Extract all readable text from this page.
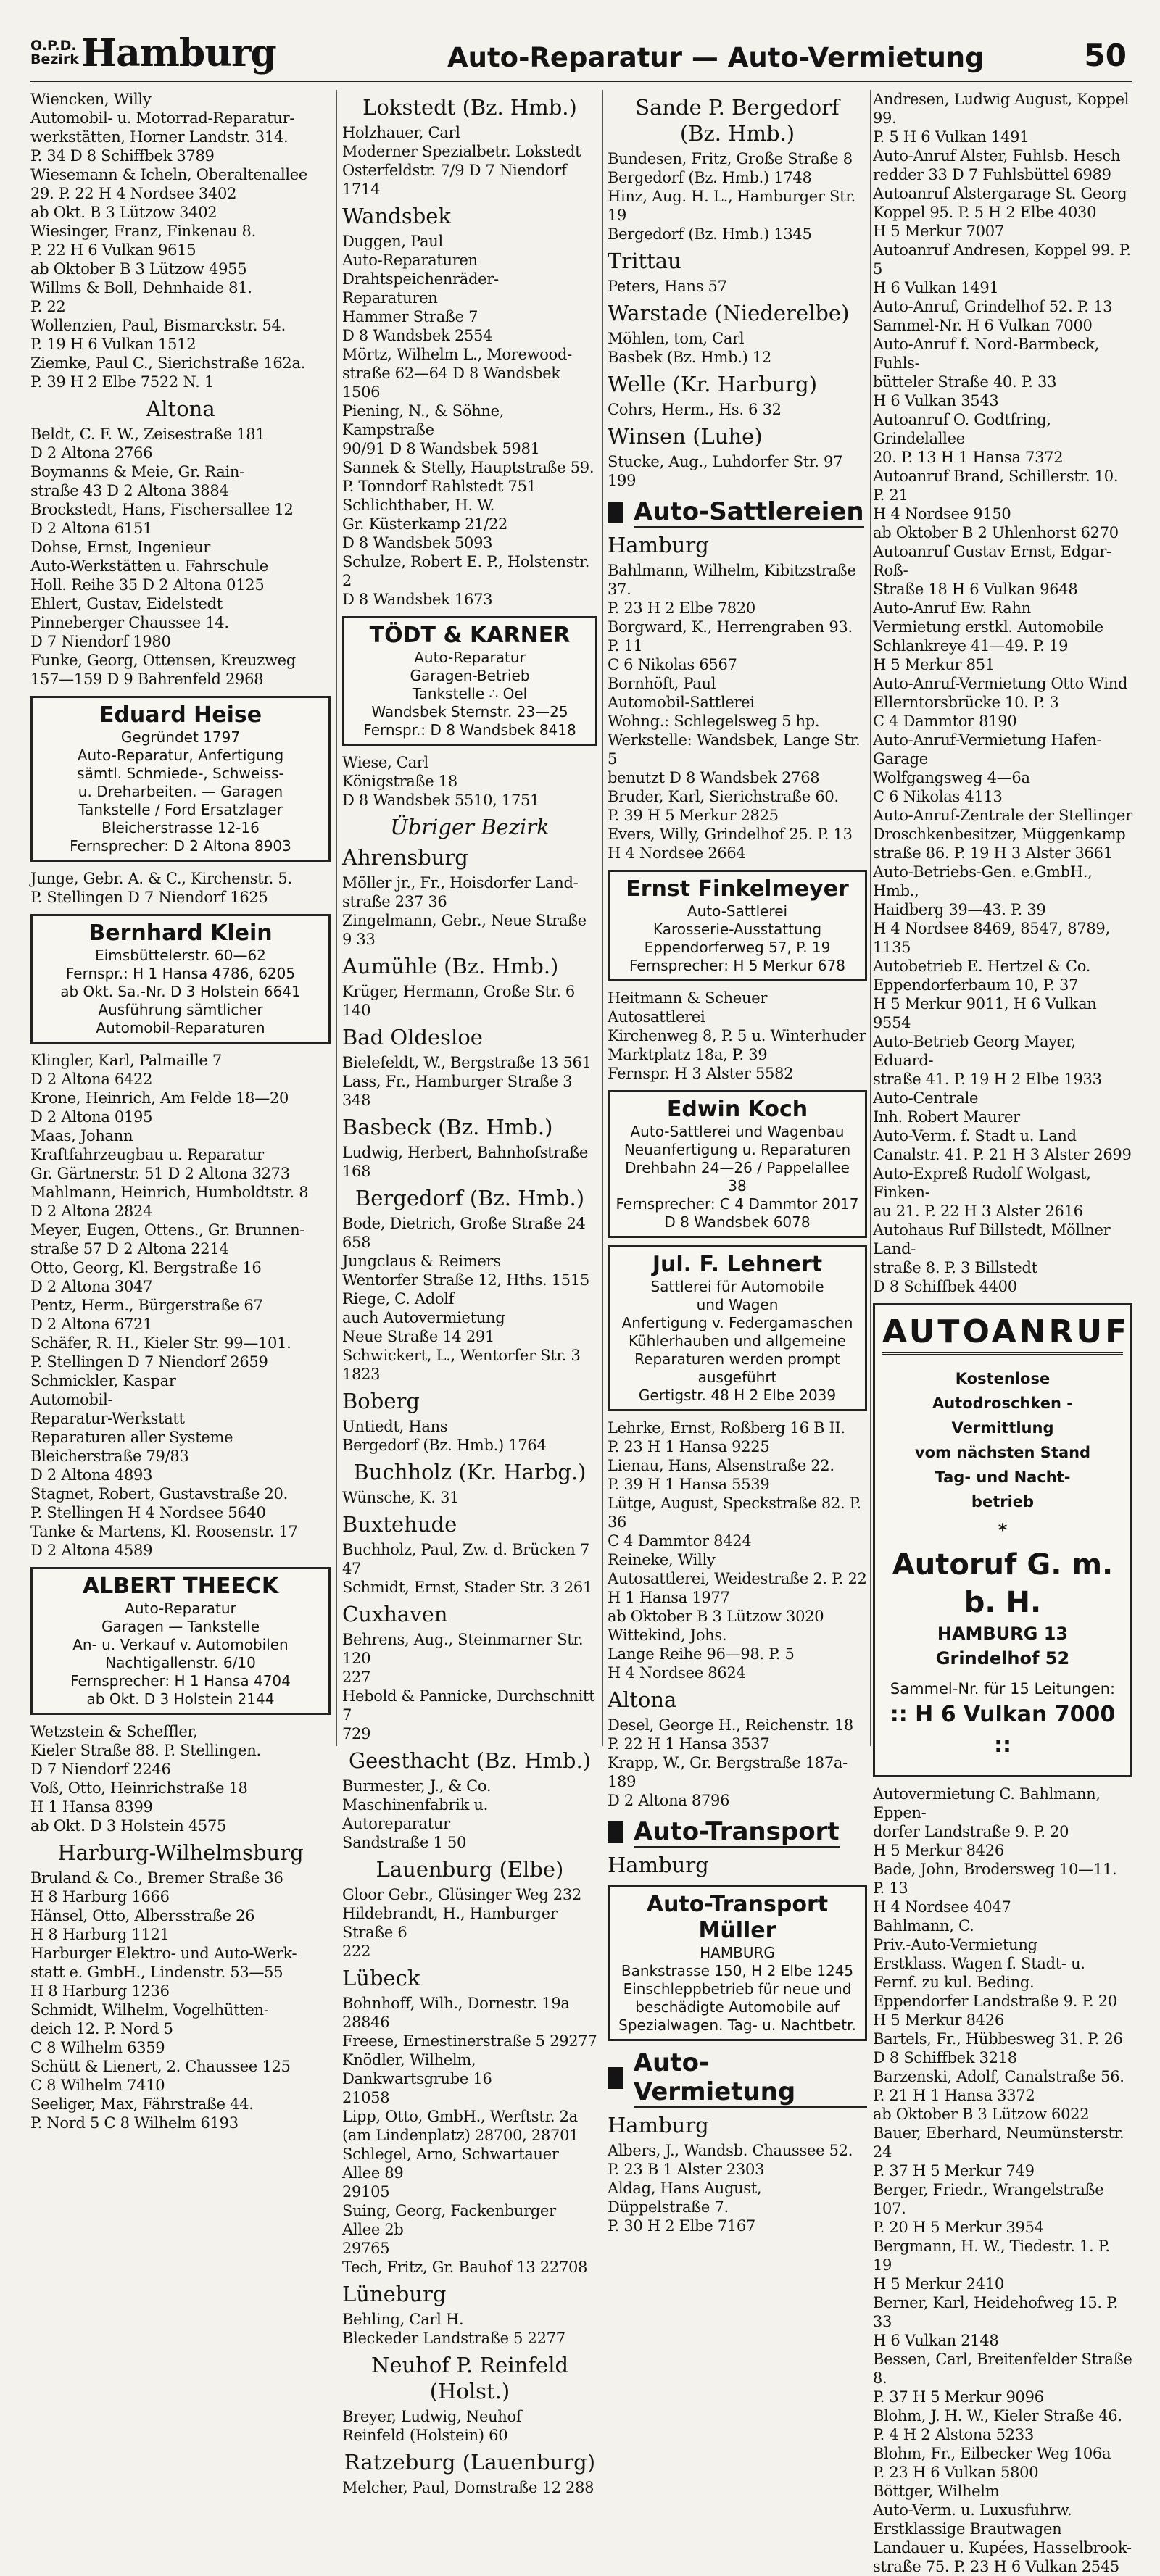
O.P.D. Bezirk Hamburg	Auto-Reparatur — Auto-Vermietung	50

Wiencken, Willy
Automobil- u. Motorrad-Reparatur-
werkstätten, Horner Landstr. 314.
P. 34 D 8 Schiffbek 3789
Wiesemann & Icheln, Oberaltenallee
29. P. 22 H 4 Nordsee 3402
ab Okt. B 3 Lützow 3402
Wiesinger, Franz, Finkenau 8.
P. 22 H 6 Vulkan 9615
ab Oktober B 3 Lützow 4955
Willms & Boll, Dehnhaide 81.
P. 22
Wollenzien, Paul, Bismarckstr. 54.
P. 19 H 6 Vulkan 1512
Ziemke, Paul C., Sierichstraße 162a.
P. 39 H 2 Elbe 7522 N. 1

Altona

Beldt, C. F. W., Zeisestraße 181
D 2 Altona 2766
Boymanns & Meie, Gr. Rain-
straße 43 D 2 Altona 3884
Brockstedt, Hans, Fischersallee 12
D 2 Altona 6151
Dohse, Ernst, Ingenieur
Auto-Werkstätten u. Fahrschule
Holl. Reihe 35 D 2 Altona 0125
Ehlert, Gustav, Eidelstedt
Pinneberger Chaussee 14.
D 7 Niendorf 1980
Funke, Georg, Ottensen, Kreuzweg
157—159 D 9 Bahrenfeld 2968

Eduard Heise

Gegründet 1797
Auto-Reparatur, Anfertigung
sämtl. Schmiede-, Schweiss-
u. Dreharbeiten. — Garagen
Tankstelle / Ford Ersatzlager
Bleicherstrasse 12-16
Fernsprecher: D 2 Altona 8903

Junge, Gebr. A. & C., Kirchenstr. 5.
P. Stellingen D 7 Niendorf 1625

Bernhard Klein

Eimsbüttelerstr. 60—62
Fernspr.: H 1 Hansa 4786, 6205
ab Okt. Sa.-Nr. D 3 Holstein 6641
Ausführung sämtlicher
Automobil-Reparaturen

Klingler, Karl, Palmaille 7
D 2 Altona 6422
Krone, Heinrich, Am Felde 18—20
D 2 Altona 0195
Maas, Johann
Kraftfahrzeugbau u. Reparatur
Gr. Gärtnerstr. 51 D 2 Altona 3273
Mahlmann, Heinrich, Humboldtstr. 8
D 2 Altona 2824
Meyer, Eugen, Ottens., Gr. Brunnen-
straße 57 D 2 Altona 2214
Otto, Georg, Kl. Bergstraße 16
D 2 Altona 3047
Pentz, Herm., Bürgerstraße 67
D 2 Altona 6721
Schäfer, R. H., Kieler Str. 99—101.
P. Stellingen D 7 Niendorf 2659
Schmickler, Kaspar
Automobil-
Reparatur-Werkstatt
Reparaturen aller Systeme
Bleicherstraße 79/83
D 2 Altona 4893
Stagnet, Robert, Gustavstraße 20.
P. Stellingen H 4 Nordsee 5640
Tanke & Martens, Kl. Roosenstr. 17
D 2 Altona 4589

ALBERT THEECK

Auto-Reparatur
Garagen — Tankstelle
An- u. Verkauf v. Automobilen
Nachtigallenstr. 6/10
Fernsprecher: H 1 Hansa 4704
ab Okt. D 3 Holstein 2144

Wetzstein & Scheffler,
Kieler Straße 88. P. Stellingen.
D 7 Niendorf 2246
Voß, Otto, Heinrichstraße 18
H 1 Hansa 8399
ab Okt. D 3 Holstein 4575

Harburg-Wilhelmsburg

Bruland & Co., Bremer Straße 36
H 8 Harburg 1666
Hänsel, Otto, Albersstraße 26
H 8 Harburg 1121
Harburger Elektro- und Auto-Werk-
statt e. GmbH., Lindenstr. 53—55
H 8 Harburg 1236
Schmidt, Wilhelm, Vogelhütten-
deich 12. P. Nord 5
C 8 Wilhelm 6359
Schütt & Lienert, 2. Chaussee 125
C 8 Wilhelm 7410
Seeliger, Max, Fährstraße 44.
P. Nord 5 C 8 Wilhelm 6193

Lokstedt (Bz. Hmb.)

Holzhauer, Carl
Moderner Spezialbetr. Lokstedt
Osterfeldstr. 7/9 D 7 Niendorf 1714

Wandsbek

Duggen, Paul
Auto-Reparaturen
Drahtspeichenräder-
Reparaturen
Hammer Straße 7
D 8 Wandsbek 2554
Mörtz, Wilhelm L., Morewood-
straße 62—64 D 8 Wandsbek 1506
Piening, N., & Söhne, Kampstraße
90/91 D 8 Wandsbek 5981
Sannek & Stelly, Hauptstraße 59.
P. Tonndorf Rahlstedt 751
Schlichthaber, H. W.
Gr. Küsterkamp 21/22
D 8 Wandsbek 5093
Schulze, Robert E. P., Holstenstr. 2
D 8 Wandsbek 1673

TÖDT & KARNER

Auto-Reparatur
Garagen-Betrieb
Tankstelle ∴ Oel
Wandsbek Sternstr. 23—25
Fernspr.: D 8 Wandsbek 8418

Wiese, Carl
Königstraße 18
D 8 Wandsbek 5510, 1751

Übriger Bezirk
Ahrensburg

Möller jr., Fr., Hoisdorfer Land-
straße 237 36
Zingelmann, Gebr., Neue Straße 9 33

Aumühle (Bz. Hmb.)

Krüger, Hermann, Große Str. 6 140

Bad Oldesloe

Bielefeldt, W., Bergstraße 13 561
Lass, Fr., Hamburger Straße 3 348

Basbeck (Bz. Hmb.)

Ludwig, Herbert, Bahnhofstraße 168

Bergedorf (Bz. Hmb.)

Bode, Dietrich, Große Straße 24
658
Jungclaus & Reimers
Wentorfer Straße 12, Hths. 1515
Riege, C. Adolf
auch Autovermietung
Neue Straße 14 291
Schwickert, L., Wentorfer Str. 3 1823

Boberg

Untiedt, Hans
Bergedorf (Bz. Hmb.) 1764

Buchholz (Kr. Harbg.)

Wünsche, K. 31

Buxtehude

Buchholz, Paul, Zw. d. Brücken 7 47
Schmidt, Ernst, Stader Str. 3 261

Cuxhaven

Behrens, Aug., Steinmarner Str. 120
227
Hebold & Pannicke, Durchschnitt 7
729

Geesthacht (Bz. Hmb.)

Burmester, J., & Co.
Maschinenfabrik u. Autoreparatur
Sandstraße 1 50

Lauenburg (Elbe)

Gloor Gebr., Glüsinger Weg 232
Hildebrandt, H., Hamburger Straße 6
222

Lübeck

Bohnhoff, Wilh., Dornestr. 19a 28846
Freese, Ernestinerstraße 5 29277
Knödler, Wilhelm, Dankwartsgrube 16
21058
Lipp, Otto, GmbH., Werftstr. 2a
(am Lindenplatz) 28700, 28701
Schlegel, Arno, Schwartauer Allee 89
29105
Suing, Georg, Fackenburger Allee 2b
29765
Tech, Fritz, Gr. Bauhof 13 22708

Lüneburg

Behling, Carl H.
Bleckeder Landstraße 5 2277

Neuhof P. Reinfeld (Holst.)

Breyer, Ludwig, Neuhof
Reinfeld (Holstein) 60

Ratzeburg (Lauenburg)

Melcher, Paul, Domstraße 12 288

Sande P. Bergedorf
(Bz. Hmb.)

Bundesen, Fritz, Große Straße 8
Bergedorf (Bz. Hmb.) 1748
Hinz, Aug. H. L., Hamburger Str. 19
Bergedorf (Bz. Hmb.) 1345

Trittau

Peters, Hans 57

Warstade (Niederelbe)

Möhlen, tom, Carl
Basbek (Bz. Hmb.) 12

Welle (Kr. Harburg)

Cohrs, Herm., Hs. 6 32

Winsen (Luhe)

Stucke, Aug., Luhdorfer Str. 97 199

Auto-Sattlereien
Hamburg

Bahlmann, Wilhelm, Kibitzstraße 37.
P. 23 H 2 Elbe 7820
Borgward, K., Herrengraben 93. P. 11
C 6 Nikolas 6567
Bornhöft, Paul
Automobil-Sattlerei
Wohng.: Schlegelsweg 5 hp.
Werkstelle: Wandsbek, Lange Str. 5
benutzt D 8 Wandsbek 2768
Bruder, Karl, Sierichstraße 60.
P. 39 H 5 Merkur 2825
Evers, Willy, Grindelhof 25. P. 13
H 4 Nordsee 2664

Ernst Finkelmeyer

Auto-Sattlerei
Karosserie-Ausstattung
Eppendorferweg 57, P. 19
Fernsprecher: H 5 Merkur 678

Heitmann & Scheuer
Autosattlerei
Kirchenweg 8, P. 5 u. Winterhuder
Marktplatz 18a, P. 39
Fernspr. H 3 Alster 5582

Edwin Koch

Auto-Sattlerei und Wagenbau
Neuanfertigung u. Reparaturen
Drehbahn 24—26 / Pappelallee 38
Fernsprecher: C 4 Dammtor 2017
D 8 Wandsbek 6078

Jul. F. Lehnert

Sattlerei für Automobile
und Wagen
Anfertigung v. Federgamaschen
Kühlerhauben und allgemeine
Reparaturen werden prompt
ausgeführt
Gertigstr. 48 H 2 Elbe 2039

Lehrke, Ernst, Roßberg 16 B II.
P. 23 H 1 Hansa 9225
Lienau, Hans, Alsenstraße 22.
P. 39 H 1 Hansa 5539
Lütge, August, Speckstraße 82. P. 36
C 4 Dammtor 8424
Reineke, Willy
Autosattlerei, Weidestraße 2. P. 22
H 1 Hansa 1977
ab Oktober B 3 Lützow 3020
Wittekind, Johs.
Lange Reihe 96—98. P. 5
H 4 Nordsee 8624

Altona

Desel, George H., Reichenstr. 18
P. 22 H 1 Hansa 3537
Krapp, W., Gr. Bergstraße 187a-189
D 2 Altona 8796

Auto-Transport
Hamburg

Auto-Transport Müller

HAMBURG
Bankstrasse 150, H 2 Elbe 1245
Einschleppbetrieb für neue und
beschädigte Automobile auf
Spezialwagen. Tag- u. Nachtbetr.

Auto-Vermietung
Hamburg

Albers, J., Wandsb. Chaussee 52.
P. 23 B 1 Alster 2303
Aldag, Hans August, Düppelstraße 7.
P. 30 H 2 Elbe 7167

Andresen, Ludwig August, Koppel 99.
P. 5 H 6 Vulkan 1491
Auto-Anruf Alster, Fuhlsb. Hesch
redder 33 D 7 Fuhlsbüttel 6989
Autoanruf Alstergarage St. Georg
Koppel 95. P. 5 H 2 Elbe 4030
H 5 Merkur 7007
Autoanruf Andresen, Koppel 99. P. 5
H 6 Vulkan 1491
Auto-Anruf, Grindelhof 52. P. 13
Sammel-Nr. H 6 Vulkan 7000
Auto-Anruf f. Nord-Barmbeck, Fuhls-
bütteler Straße 40. P. 33
H 6 Vulkan 3543
Autoanruf O. Godtfring, Grindelallee
20. P. 13 H 1 Hansa 7372
Autoanruf Brand, Schillerstr. 10. P. 21
H 4 Nordsee 9150
ab Oktober B 2 Uhlenhorst 6270
Autoanruf Gustav Ernst, Edgar-Roß-
Straße 18 H 6 Vulkan 9648
Auto-Anruf Ew. Rahn
Vermietung erstkl. Automobile
Schlankreye 41—49. P. 19
H 5 Merkur 851
Auto-Anruf-Vermietung Otto Wind
Ellerntorsbrücke 10. P. 3
C 4 Dammtor 8190
Auto-Anruf-Vermietung Hafen-Garage
Wolfgangsweg 4—6a
C 6 Nikolas 4113
Auto-Anruf-Zentrale der Stellinger
Droschkenbesitzer, Müggenkamp
straße 86. P. 19 H 3 Alster 3661
Auto-Betriebs-Gen. e.GmbH., Hmb.,
Haidberg 39—43. P. 39
H 4 Nordsee 8469, 8547, 8789, 1135
Autobetrieb E. Hertzel & Co.
Eppendorferbaum 10, P. 37
H 5 Merkur 9011, H 6 Vulkan 9554
Auto-Betrieb Georg Mayer, Eduard-
straße 41. P. 19 H 2 Elbe 1933
Auto-Centrale
Inh. Robert Maurer
Auto-Verm. f. Stadt u. Land
Canalstr. 41. P. 21 H 3 Alster 2699
Auto-Expreß Rudolf Wolgast, Finken-
au 21. P. 22 H 3 Alster 2616
Autohaus Ruf Billstedt, Möllner Land-
straße 8. P. 3 Billstedt
D 8 Schiffbek 4400

AUTOANRUF

Kostenlose

Autodroschken - Vermittlung

vom nächsten Stand

Tag- und Nacht-
betrieb

*

Autoruf G. m. b. H.

HAMBURG 13
Grindelhof 52

Sammel-Nr. für 15 Leitungen:

:: H 6 Vulkan 7000 ::

Autovermietung C. Bahlmann, Eppen-
dorfer Landstraße 9. P. 20
H 5 Merkur 8426
Bade, John, Brodersweg 10—11. P. 13
H 4 Nordsee 4047
Bahlmann, C.
Priv.-Auto-Vermietung
Erstklass. Wagen f. Stadt- u.
Fernf. zu kul. Beding.
Eppendorfer Landstraße 9. P. 20
H 5 Merkur 8426
Bartels, Fr., Hübbesweg 31. P. 26
D 8 Schiffbek 3218
Barzenski, Adolf, Canalstraße 56.
P. 21 H 1 Hansa 3372
ab Oktober B 3 Lützow 6022
Bauer, Eberhard, Neumünsterstr. 24
P. 37 H 5 Merkur 749
Berger, Friedr., Wrangelstraße 107.
P. 20 H 5 Merkur 3954
Bergmann, H. W., Tiedestr. 1. P. 19
H 5 Merkur 2410
Berner, Karl, Heidehofweg 15. P. 33
H 6 Vulkan 2148
Bessen, Carl, Breitenfelder Straße 8.
P. 37 H 5 Merkur 9096
Blohm, J. H. W., Kieler Straße 46.
P. 4 H 2 Alstona 5233
Blohm, Fr., Eilbecker Weg 106a
P. 23 H 6 Vulkan 5800
Böttger, Wilhelm
Auto-Verm. u. Luxusfuhrw.
Erstklassige Brautwagen
Landauer u. Kupées, Hasselbrook-
straße 75. P. 23 H 6 Vulkan 2545
